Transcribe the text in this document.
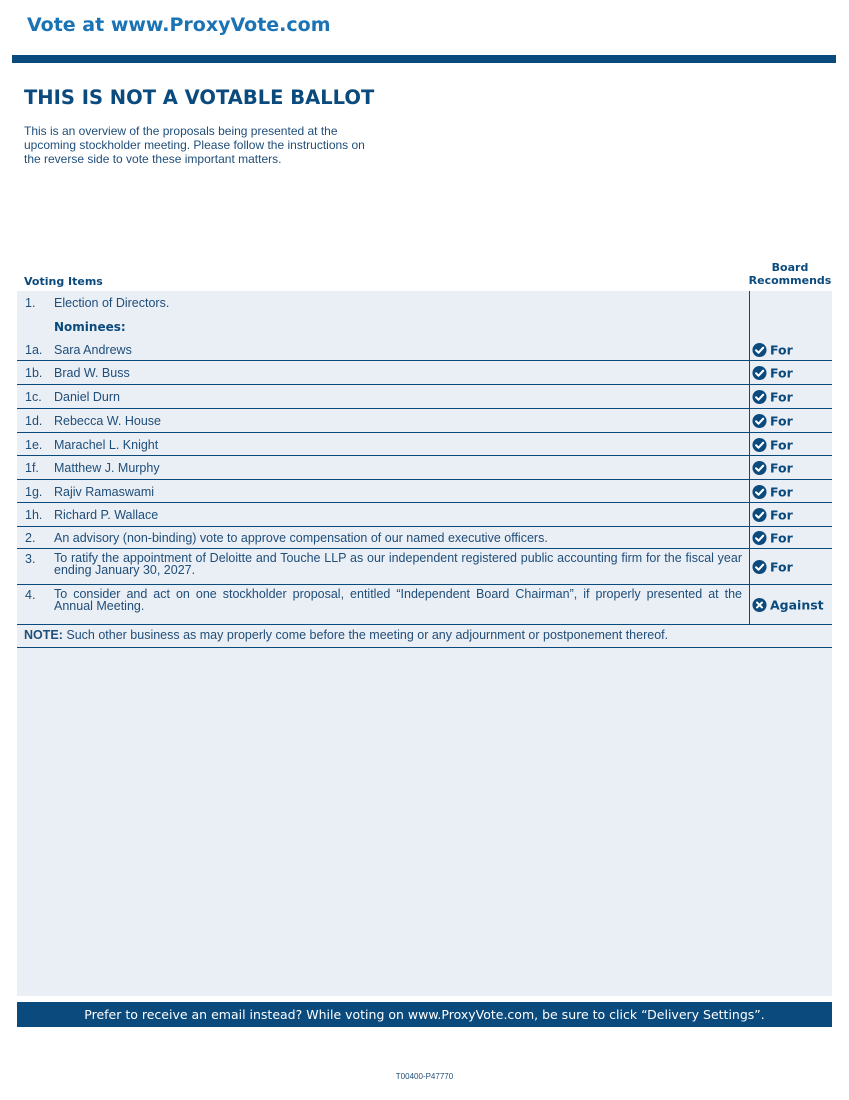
Vote at www.ProxyVote.com
THIS IS NOT A VOTABLE BALLOT
This is an overview of the proposals being presented at the
upcoming stockholder meeting. Please follow the instructions on
the reverse side to vote these important matters.
Voting Items
Board
Recommends
1. Election of Directors.
Nominees:
1a. Sara Andrews	For
1b. Brad W. Buss	For
1c. Daniel Durn	For
1d. Rebecca W. House	For
1e. Marachel L. Knight	For
1f. Matthew J. Murphy	For
1g. Rajiv Ramaswami	For
1h. Richard P. Wallace	For
2. An advisory (non-binding) vote to approve compensation of our named executive officers.	For
3. To ratify the appointment of Deloitte and Touche LLP as our independent registered public accounting firm for the fiscal year ending January 30, 2027.	For
4. To consider and act on one stockholder proposal, entitled “Independent Board Chairman”, if properly presented at the Annual Meeting.	Against
NOTE: Such other business as may properly come before the meeting or any adjournment or postponement thereof.
Prefer to receive an email instead? While voting on www.ProxyVote.com, be sure to click “Delivery Settings”.
T00400-P47770
